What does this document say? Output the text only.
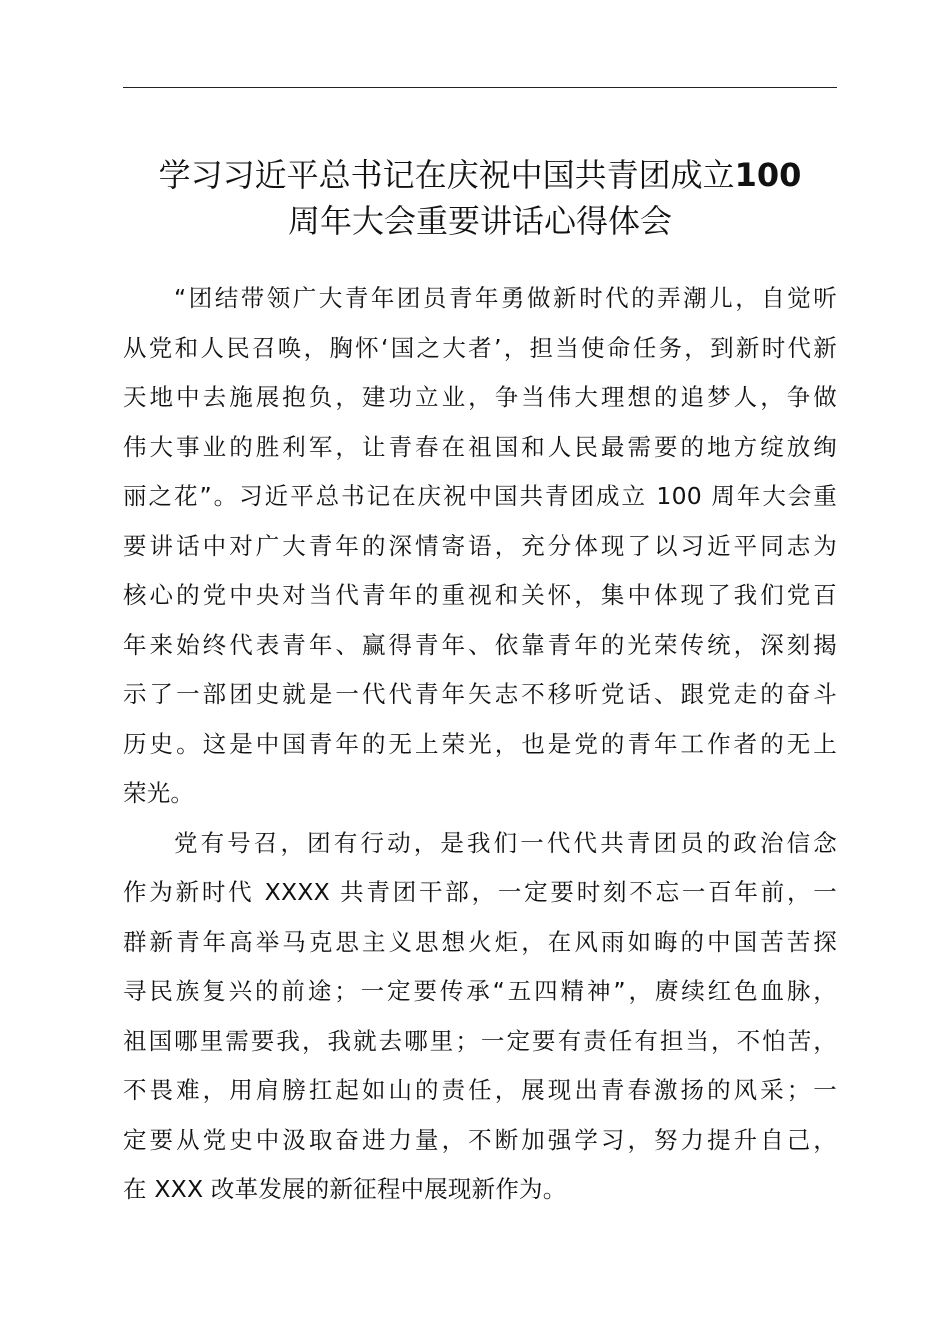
学习习近平总书记在庆祝中国共青团成立100
周年大会重要讲话心得体会
“团结带领广大青年团员青年勇做新时代的弄潮儿，自觉听
从党和人民召唤，胸怀‘国之大者’，担当使命任务，到新时代新
天地中去施展抱负，建功立业，争当伟大理想的追梦人，争做
伟大事业的胜利军，让青春在祖国和人民最需要的地方绽放绚
丽之花”。习近平总书记在庆祝中国共青团成立 100 周年大会重
要讲话中对广大青年的深情寄语，充分体现了以习近平同志为
核心的党中央对当代青年的重视和关怀，集中体现了我们党百
年来始终代表青年、赢得青年、依靠青年的光荣传统，深刻揭
示了一部团史就是一代代青年矢志不移听党话、跟党走的奋斗
历史。这是中国青年的无上荣光，也是党的青年工作者的无上
荣光。
党有号召，团有行动，是我们一代代共青团员的政治信念
作为新时代 XXXX 共青团干部，一定要时刻不忘一百年前，一
群新青年高举马克思主义思想火炬，在风雨如晦的中国苦苦探
寻民族复兴的前途；一定要传承“五四精神”，赓续红色血脉，
祖国哪里需要我，我就去哪里；一定要有责任有担当，不怕苦，
不畏难，用肩膀扛起如山的责任，展现出青春激扬的风采；一
定要从党史中汲取奋进力量，不断加强学习，努力提升自己，
在 XXX 改革发展的新征程中展现新作为。
